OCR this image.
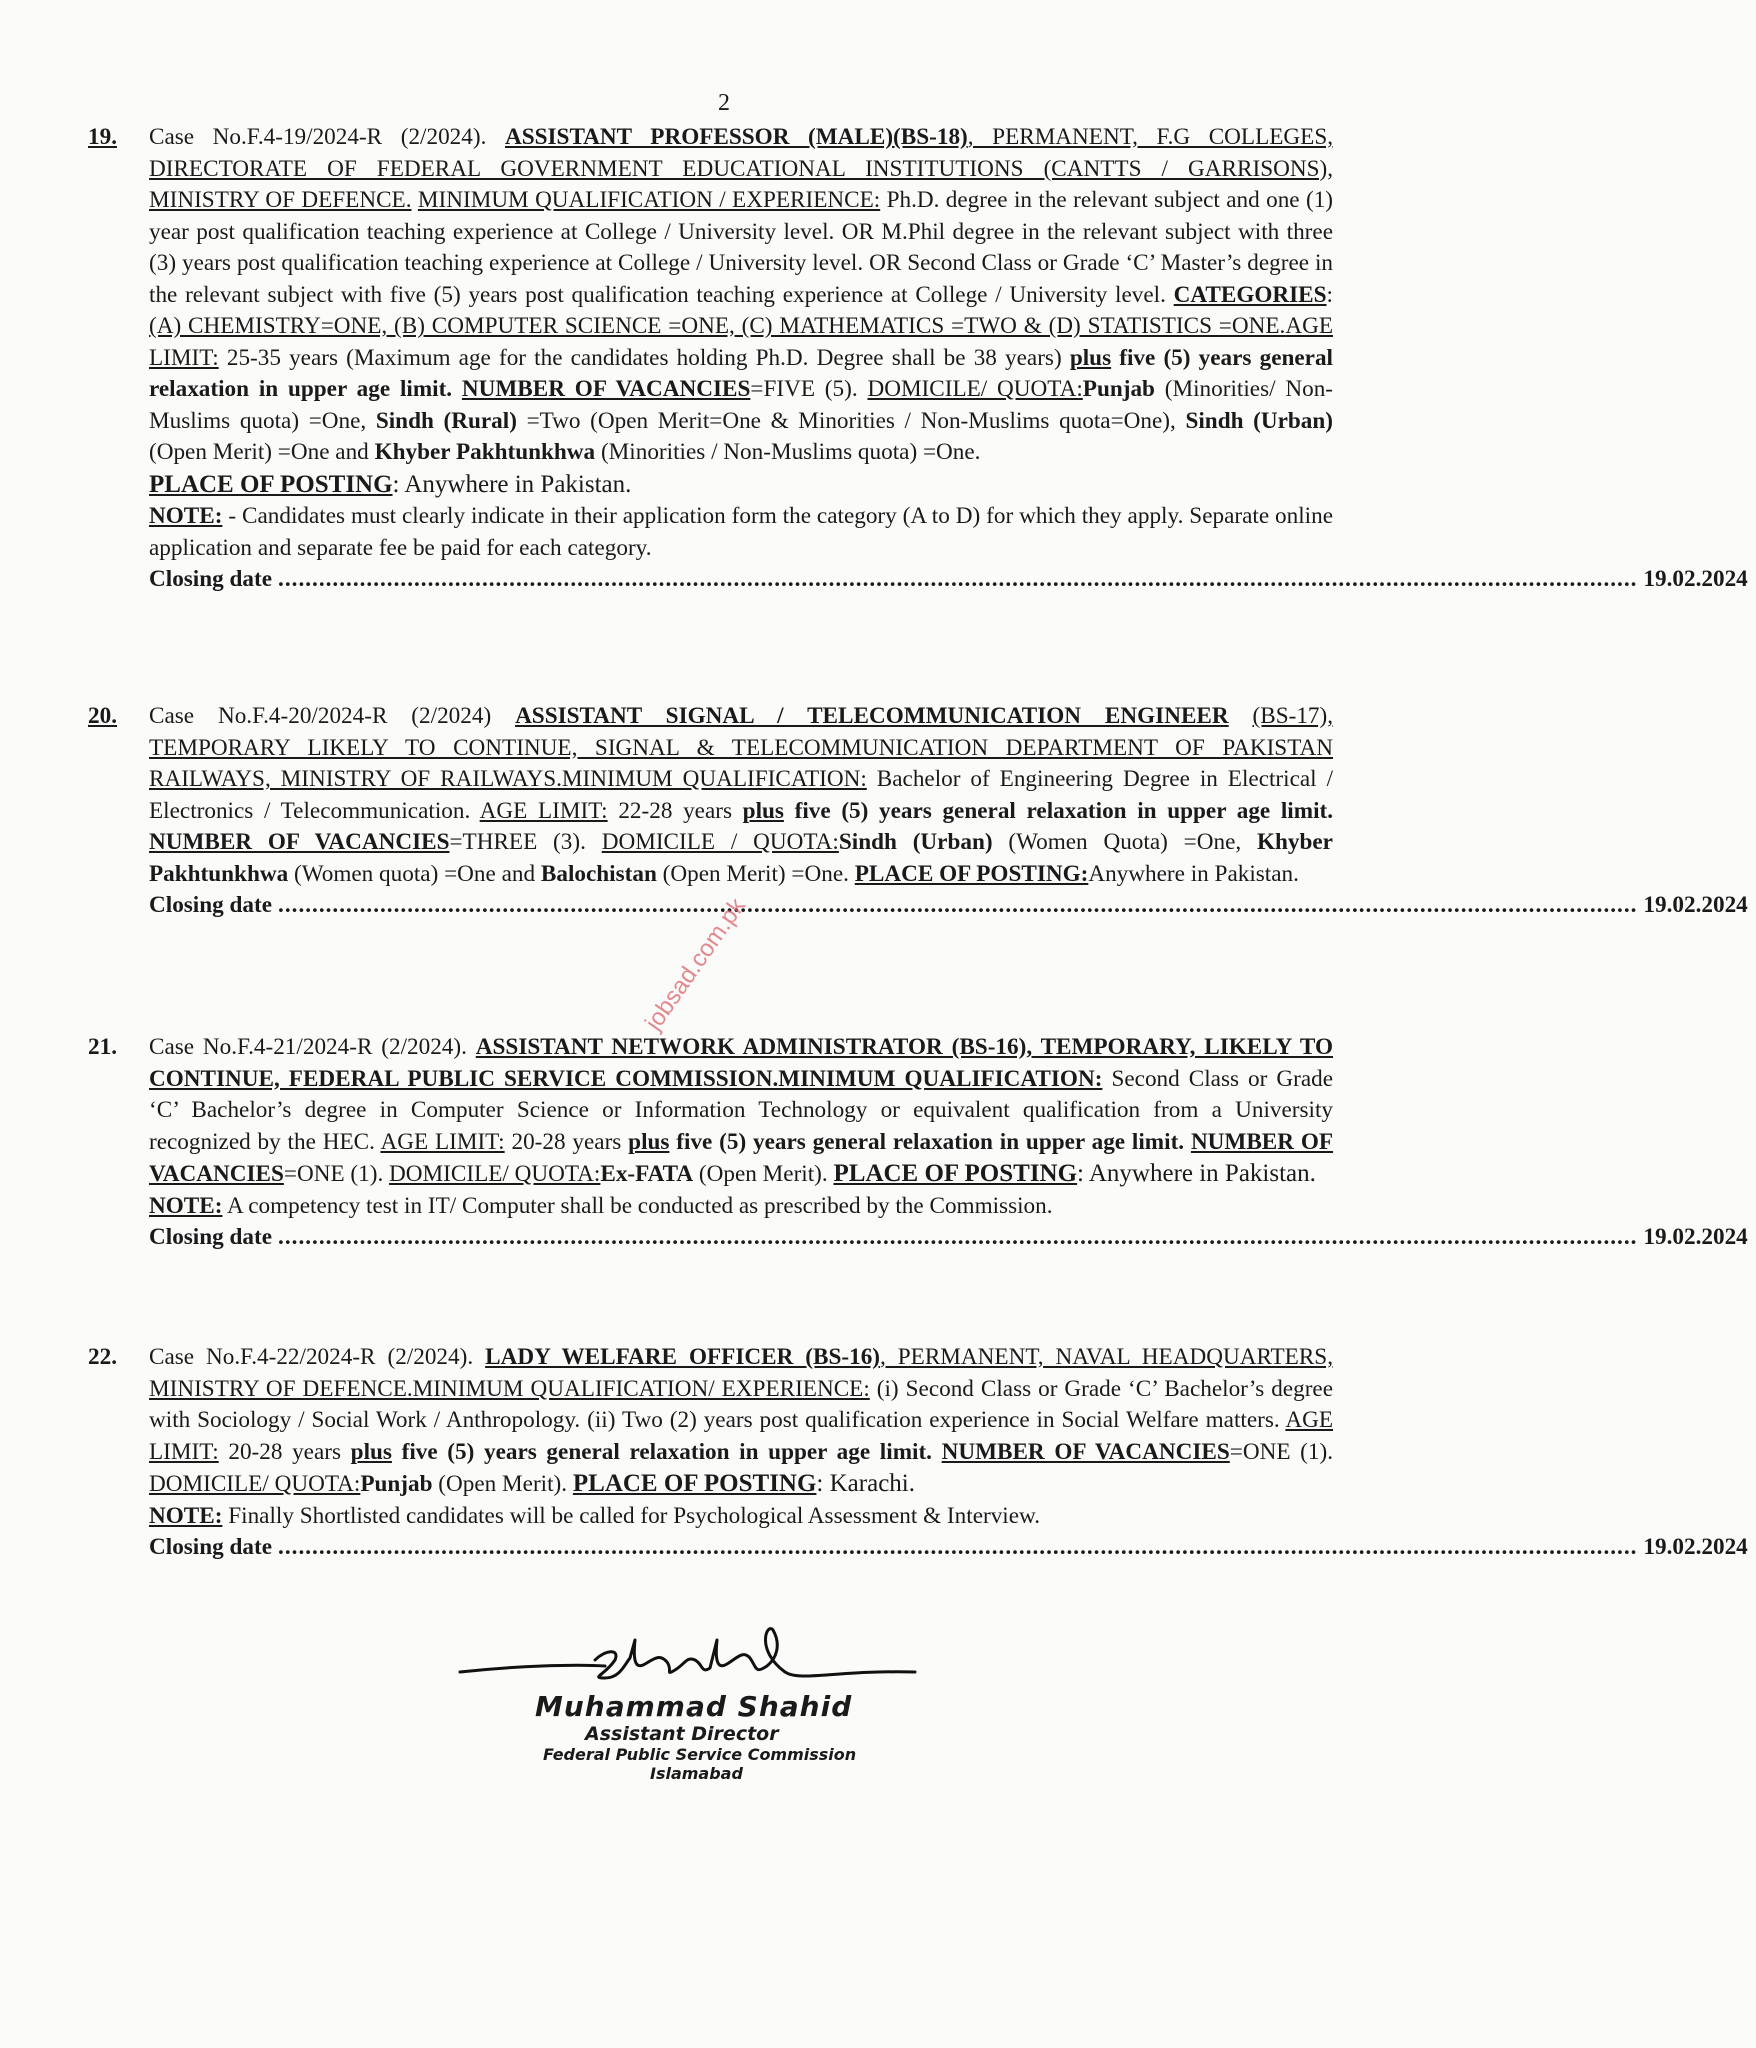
2
19.	Case No.F.4-19/2024-R (2/2024). ASSISTANT PROFESSOR (MALE)(BS-18), PERMANENT, F.G COLLEGES, DIRECTORATE OF FEDERAL GOVERNMENT EDUCATIONAL INSTITUTIONS (CANTTS / GARRISONS), MINISTRY OF DEFENCE. MINIMUM QUALIFICATION / EXPERIENCE: Ph.D. degree in the relevant subject and one (1) year post qualification teaching experience at College / University level. OR M.Phil degree in the relevant subject with three (3) years post qualification teaching experience at College / University level. OR Second Class or Grade ‘C’ Master’s degree in the relevant subject with five (5) years post qualification teaching experience at College / University level. CATEGORIES: (A) CHEMISTRY=ONE, (B) COMPUTER SCIENCE =ONE, (C) MATHEMATICS =TWO & (D) STATISTICS =ONE.AGE LIMIT: 25-35 years (Maximum age for the candidates holding Ph.D. Degree shall be 38 years) plus five (5) years general relaxation in upper age limit. NUMBER OF VACANCIES=FIVE (5). DOMICILE/ QUOTA:Punjab (Minorities/ Non-Muslims quota) =One, Sindh (Rural) =Two (Open Merit=One & Minorities / Non-Muslims quota=One), Sindh (Urban) (Open Merit) =One and Khyber Pakhtunkhwa (Minorities / Non-Muslims quota) =One.
PLACE OF POSTING: Anywhere in Pakistan.
NOTE: - Candidates must clearly indicate in their application form the category (A to D) for which they apply. Separate online application and separate fee be paid for each category.
Closing date ........................................................................................................................................................................................................ 19.02.2024
20.	Case No.F.4-20/2024-R (2/2024) ASSISTANT SIGNAL / TELECOMMUNICATION ENGINEER (BS-17), TEMPORARY LIKELY TO CONTINUE, SIGNAL & TELECOMMUNICATION DEPARTMENT OF PAKISTAN RAILWAYS, MINISTRY OF RAILWAYS.MINIMUM QUALIFICATION: Bachelor of Engineering Degree in Electrical / Electronics / Telecommunication. AGE LIMIT: 22-28 years plus five (5) years general relaxation in upper age limit. NUMBER OF VACANCIES=THREE (3). DOMICILE / QUOTA:Sindh (Urban) (Women Quota) =One, Khyber Pakhtunkhwa (Women quota) =One and Balochistan (Open Merit) =One. PLACE OF POSTING:Anywhere in Pakistan.
Closing date ........................................................................................................................................................................................................ 19.02.2024
21.	Case No.F.4-21/2024-R (2/2024). ASSISTANT NETWORK ADMINISTRATOR (BS-16), TEMPORARY, LIKELY TO CONTINUE, FEDERAL PUBLIC SERVICE COMMISSION.MINIMUM QUALIFICATION: Second Class or Grade ‘C’ Bachelor’s degree in Computer Science or Information Technology or equivalent qualification from a University recognized by the HEC. AGE LIMIT: 20-28 years plus five (5) years general relaxation in upper age limit. NUMBER OF VACANCIES=ONE (1). DOMICILE/ QUOTA:Ex-FATA (Open Merit). PLACE OF POSTING: Anywhere in Pakistan.
NOTE: A competency test in IT/ Computer shall be conducted as prescribed by the Commission.
Closing date ........................................................................................................................................................................................................ 19.02.2024
22.	Case No.F.4-22/2024-R (2/2024). LADY WELFARE OFFICER (BS-16), PERMANENT, NAVAL HEADQUARTERS, MINISTRY OF DEFENCE.MINIMUM QUALIFICATION/ EXPERIENCE: (i) Second Class or Grade ‘C’ Bachelor’s degree with Sociology / Social Work / Anthropology. (ii) Two (2) years post qualification experience in Social Welfare matters. AGE LIMIT: 20-28 years plus five (5) years general relaxation in upper age limit. NUMBER OF VACANCIES=ONE (1). DOMICILE/ QUOTA:Punjab (Open Merit). PLACE OF POSTING: Karachi.
NOTE: Finally Shortlisted candidates will be called for Psychological Assessment & Interview.
Closing date ........................................................................................................................................................................................................ 19.02.2024
jobsad.com.pk
Muhammad Shahid
Assistant Director
Federal Public Service Commission
Islamabad
